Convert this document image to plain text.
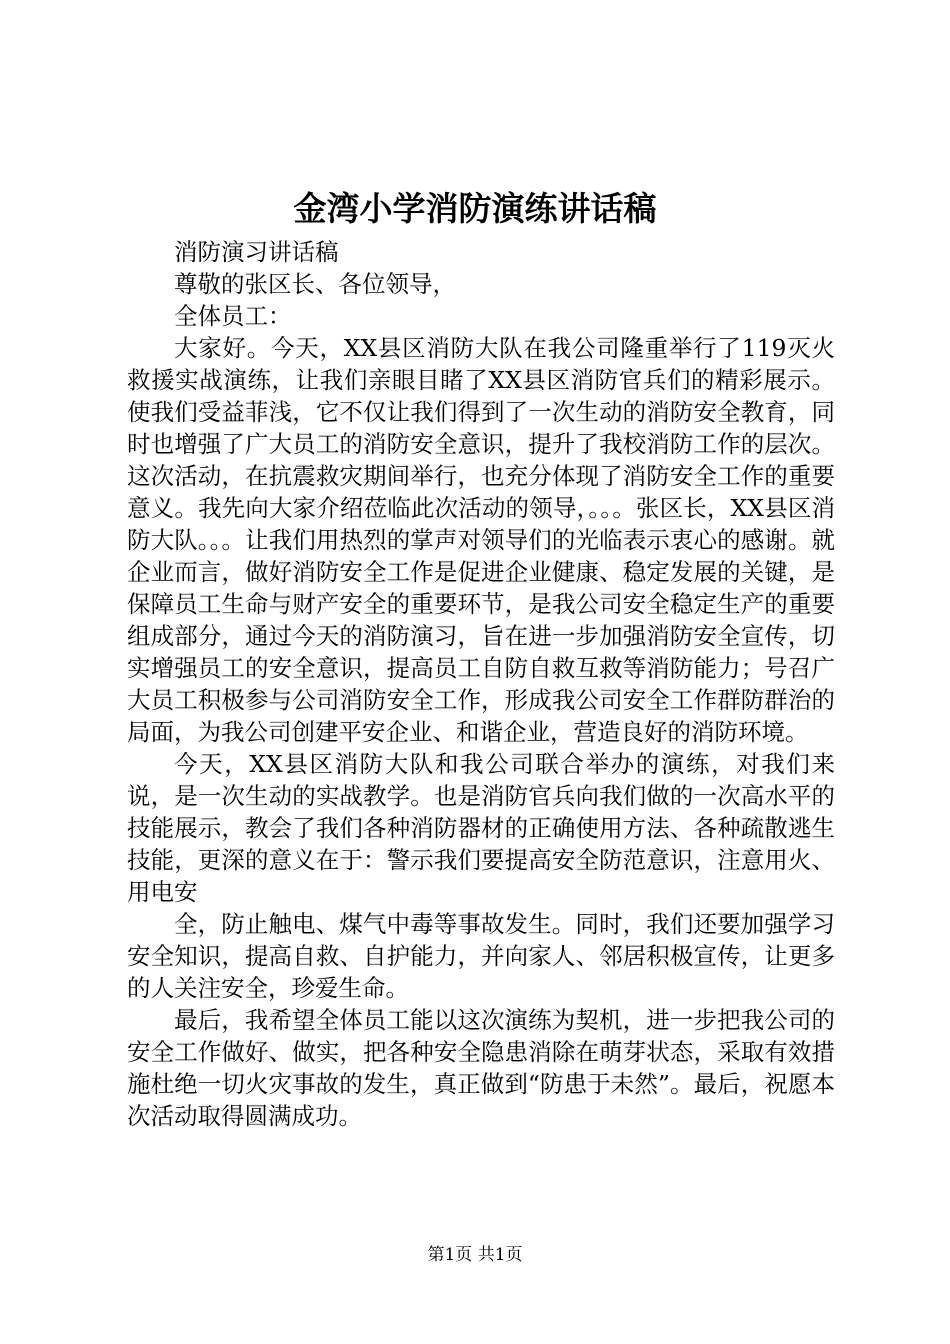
金湾小学消防演练讲话稿

消防演习讲话稿

尊敬的张区长、各位领导，

全体员工：

大家好。今天，XX县区消防大队在我公司隆重举行了119灭火救援实战演练，让我们亲眼目睹了XX县区消防官兵们的精彩展示。使我们受益菲浅，它不仅让我们得到了一次生动的消防安全教育，同时也增强了广大员工的消防安全意识，提升了我校消防工作的层次。这次活动，在抗震救灾期间举行，也充分体现了消防安全工作的重要意义。我先向大家介绍莅临此次活动的领导，。。。张区长，XX县区消防大队。。。让我们用热烈的掌声对领导们的光临表示衷心的感谢。就企业而言，做好消防安全工作是促进企业健康、稳定发展的关键，是保障员工生命与财产安全的重要环节，是我公司安全稳定生产的重要组成部分，通过今天的消防演习，旨在进一步加强消防安全宣传，切实增强员工的安全意识，提高员工自防自救互救等消防能力；号召广大员工积极参与公司消防安全工作，形成我公司安全工作群防群治的局面，为我公司创建平安企业、和谐企业，营造良好的消防环境。

今天，XX县区消防大队和我公司联合举办的演练，对我们来说，是一次生动的实战教学。也是消防官兵向我们做的一次高水平的技能展示，教会了我们各种消防器材的正确使用方法、各种疏散逃生技能，更深的意义在于：警示我们要提高安全防范意识，注意用火、用电安

全，防止触电、煤气中毒等事故发生。同时，我们还要加强学习安全知识，提高自救、自护能力，并向家人、邻居积极宣传，让更多的人关注安全，珍爱生命。

最后，我希望全体员工能以这次演练为契机，进一步把我公司的安全工作做好、做实，把各种安全隐患消除在萌芽状态，采取有效措施杜绝一切火灾事故的发生，真正做到“防患于未然”。最后，祝愿本次活动取得圆满成功。

第1页 共1页
